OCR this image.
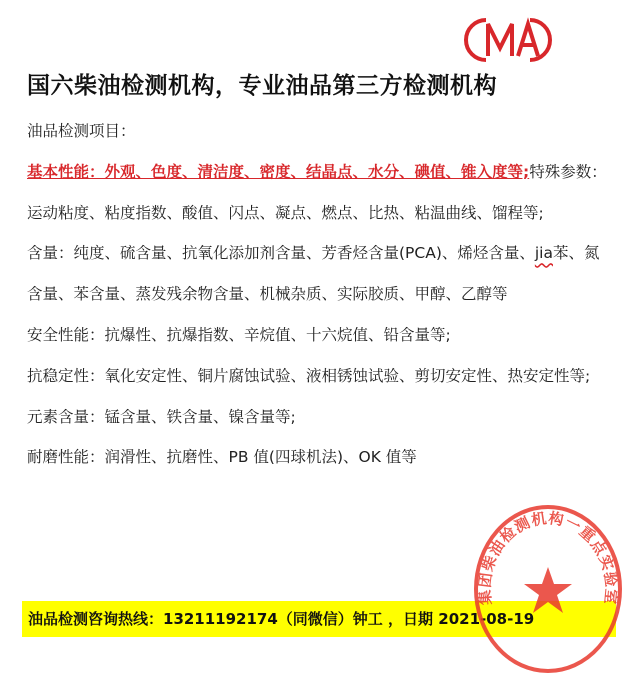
国六柴油检测机构，专业油品第三方检测机构

油品检测项目：

基本性能：外观、色度、清洁度、密度、结晶点、水分、碘值、锥入度等;特殊参数：运动粘度、粘度指数、酸值、闪点、凝点、燃点、比热、粘温曲线、馏程等;

含量：纯度、硫含量、抗氧化添加剂含量、芳香烃含量(PCA)、烯烃含量、jia苯、氮含量、苯含量、蒸发残余物含量、机械杂质、实际胶质、甲醇、乙醇等

安全性能：抗爆性、抗爆指数、辛烷值、十六烷值、铅含量等;

抗稳定性：氧化安定性、铜片腐蚀试验、液相锈蚀试验、剪切安定性、热安定性等;

元素含量：锰含量、铁含量、镍含量等;

耐磨性能：润滑性、抗磨性、PB 值(四球机法)、OK 值等

油品检测咨询热线：13211192174（同微信）钟工 ，日期 2021-08-19
集团柴油检测机构一重点实验室
